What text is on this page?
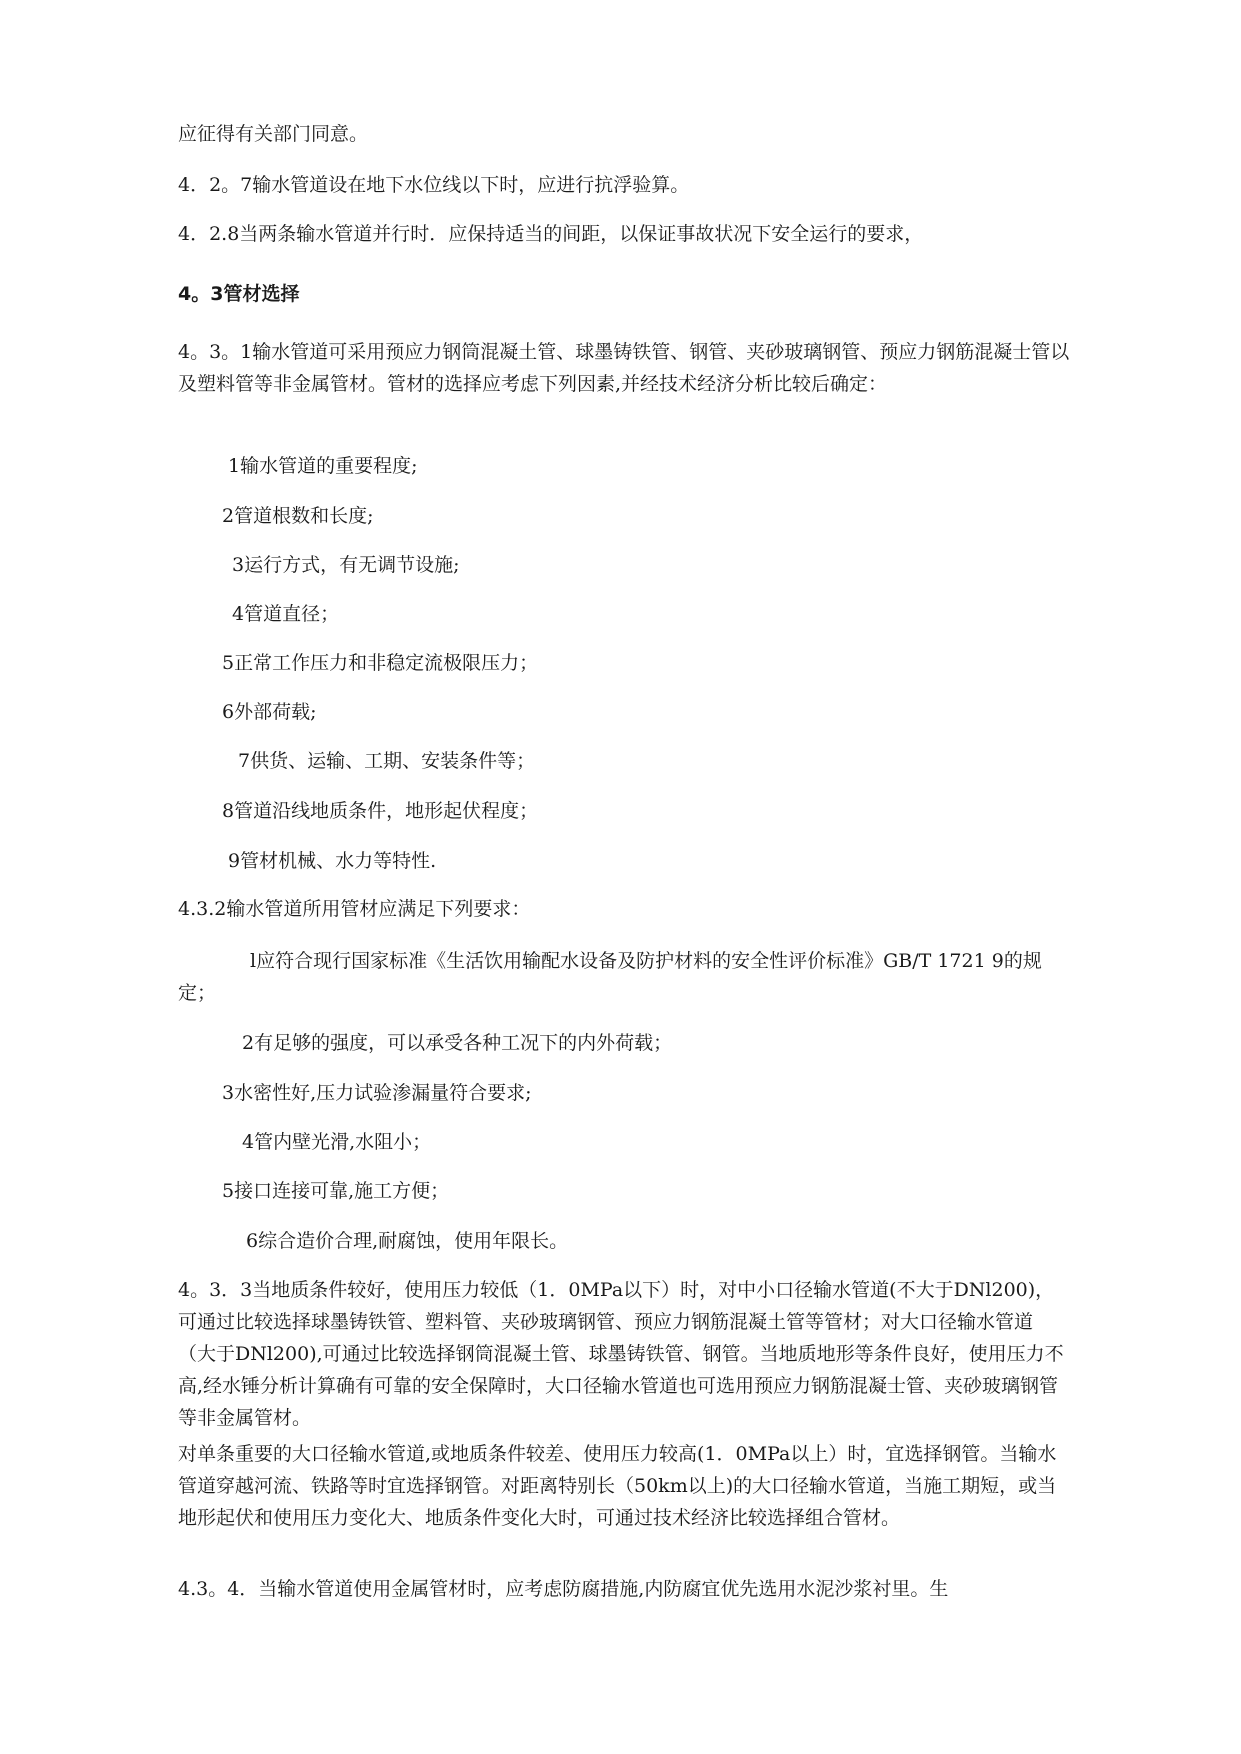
应征得有关部门同意。

4．2。7输水管道设在地下水位线以下时，应进行抗浮验算。

4．2.8当两条输水管道并行时．应保持适当的间距，以保证事故状况下安全运行的要求，

4。3管材选择

4。3。1输水管道可采用预应力钢筒混凝土管、球墨铸铁管、钢管、夹砂玻璃钢管、预应力钢筋混凝士管以及塑料管等非金属管材。管材的选择应考虑下列因素,并经技术经济分析比较后确定：

1输水管道的重要程度;

2管道根数和长度;

3运行方式，有无调节设施;

4管道直径；

5正常工作压力和非稳定流极限压力；

6外部荷载;

7供货、运输、工期、安装条件等；

8管道沿线地质条件，地形起伏程度；

9管材机械、水力等特性.

4.3.2输水管道所用管材应满足下列要求：

l应符合现行国家标准《生活饮用输配水设备及防护材料的安全性评价标准》GB/T 1721 9的规定；

2有足够的强度，可以承受各种工况下的内外荷载；

3水密性好,压力试验渗漏量符合要求;

4管内壁光滑,水阻小；

5接口连接可靠,施工方便；

6综合造价合理,耐腐蚀，使用年限长。

4。3．3当地质条件较好，使用压力较低（1．0MPa以下）时，对中小口径输水管道(不大于DNl200)，可通过比较选择球墨铸铁管、塑料管、夹砂玻璃钢管、预应力钢筋混凝土管等管材；对大口径输水管道（大于DNl200),可通过比较选择钢筒混凝土管、球墨铸铁管、钢管。当地质地形等条件良好，使用压力不高,经水锤分析计算确有可靠的安全保障时，大口径输水管道也可选用预应力钢筋混凝士管、夹砂玻璃钢管等非金属管材。

对单条重要的大口径输水管道,或地质条件较差、使用压力较高(1．0MPa以上）时，宜选择钢管。当输水管道穿越河流、铁路等时宜选择钢管。对距离特别长（50km以上)的大口径输水管道，当施工期短，或当地形起伏和使用压力变化大、地质条件变化大时，可通过技术经济比较选择组合管材。

4.3。4．当输水管道使用金属管材时，应考虑防腐措施,内防腐宜优先选用水泥沙浆衬里。生
